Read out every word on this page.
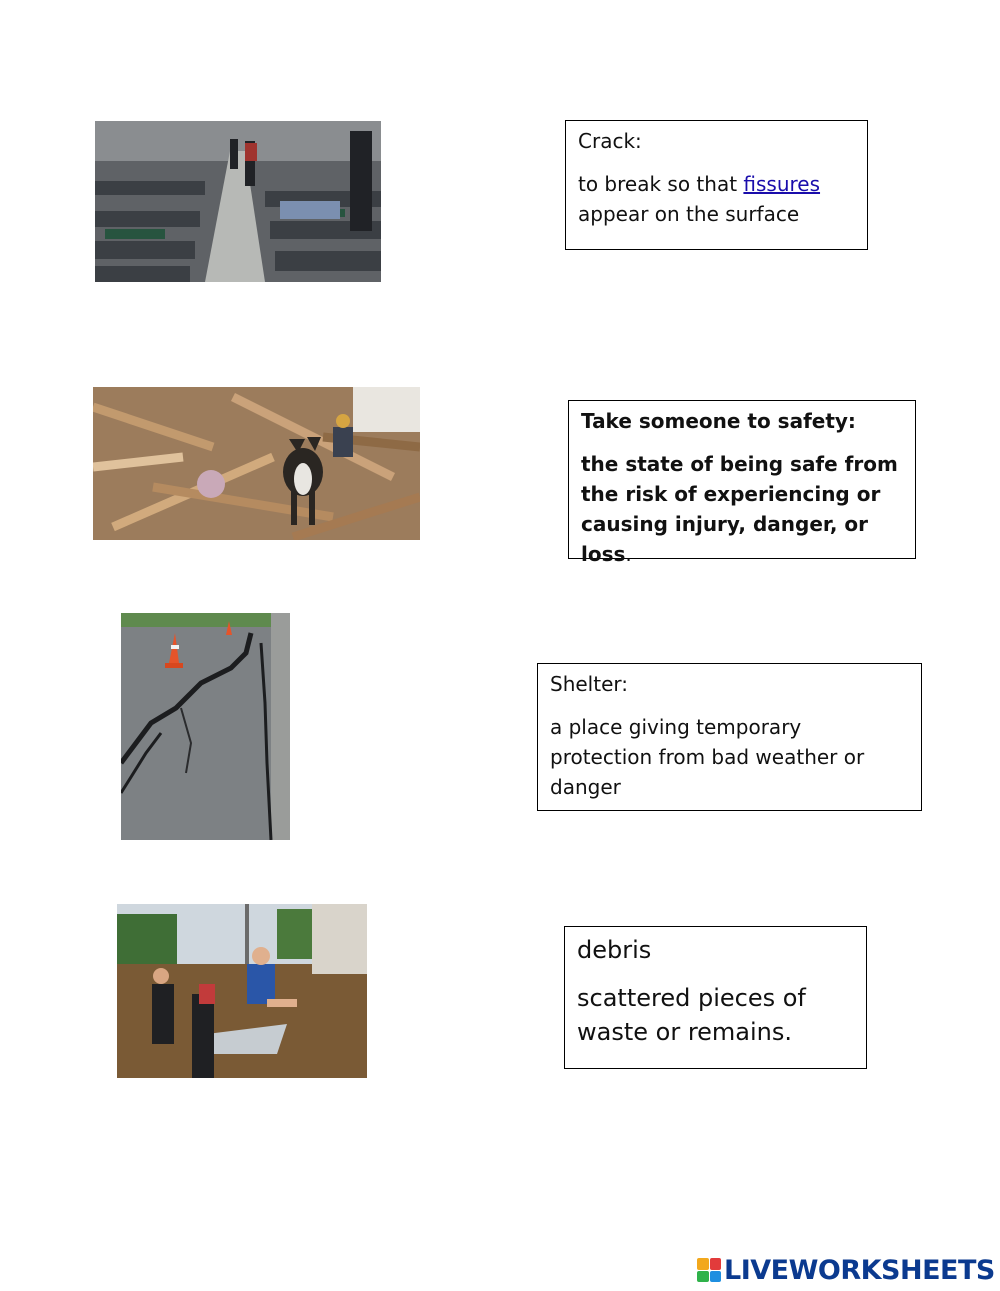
Crack:

to break so that fissures appear on the surface

Take someone to safety:

the state of being safe from the risk of experiencing or causing injury, danger, or loss.

Shelter:

a place giving temporary protection from bad weather or danger

debris

scattered pieces of waste or remains.

LIVEWORKSHEETS
